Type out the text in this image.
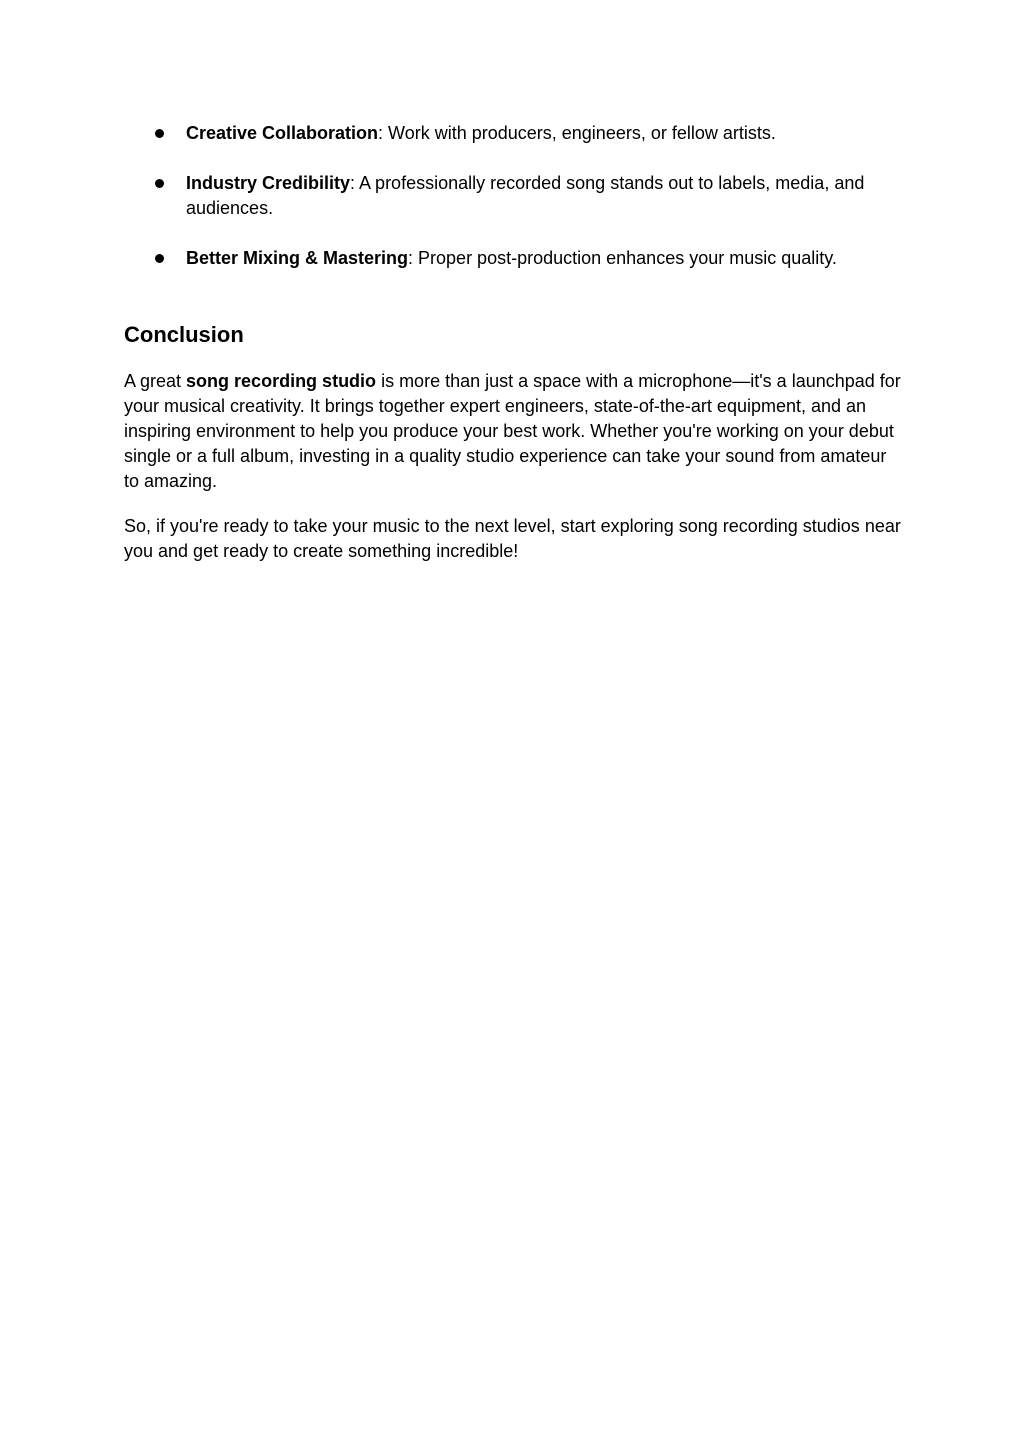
Creative Collaboration: Work with producers, engineers, or fellow artists.
Industry Credibility: A professionally recorded song stands out to labels, media, and audiences.
Better Mixing & Mastering: Proper post-production enhances your music quality.
Conclusion

A great song recording studio is more than just a space with a microphone—it's a launchpad for your musical creativity. It brings together expert engineers, state-of-the-art equipment, and an inspiring environment to help you produce your best work. Whether you're working on your debut single or a full album, investing in a quality studio experience can take your sound from amateur to amazing.

So, if you're ready to take your music to the next level, start exploring song recording studios near you and get ready to create something incredible!
